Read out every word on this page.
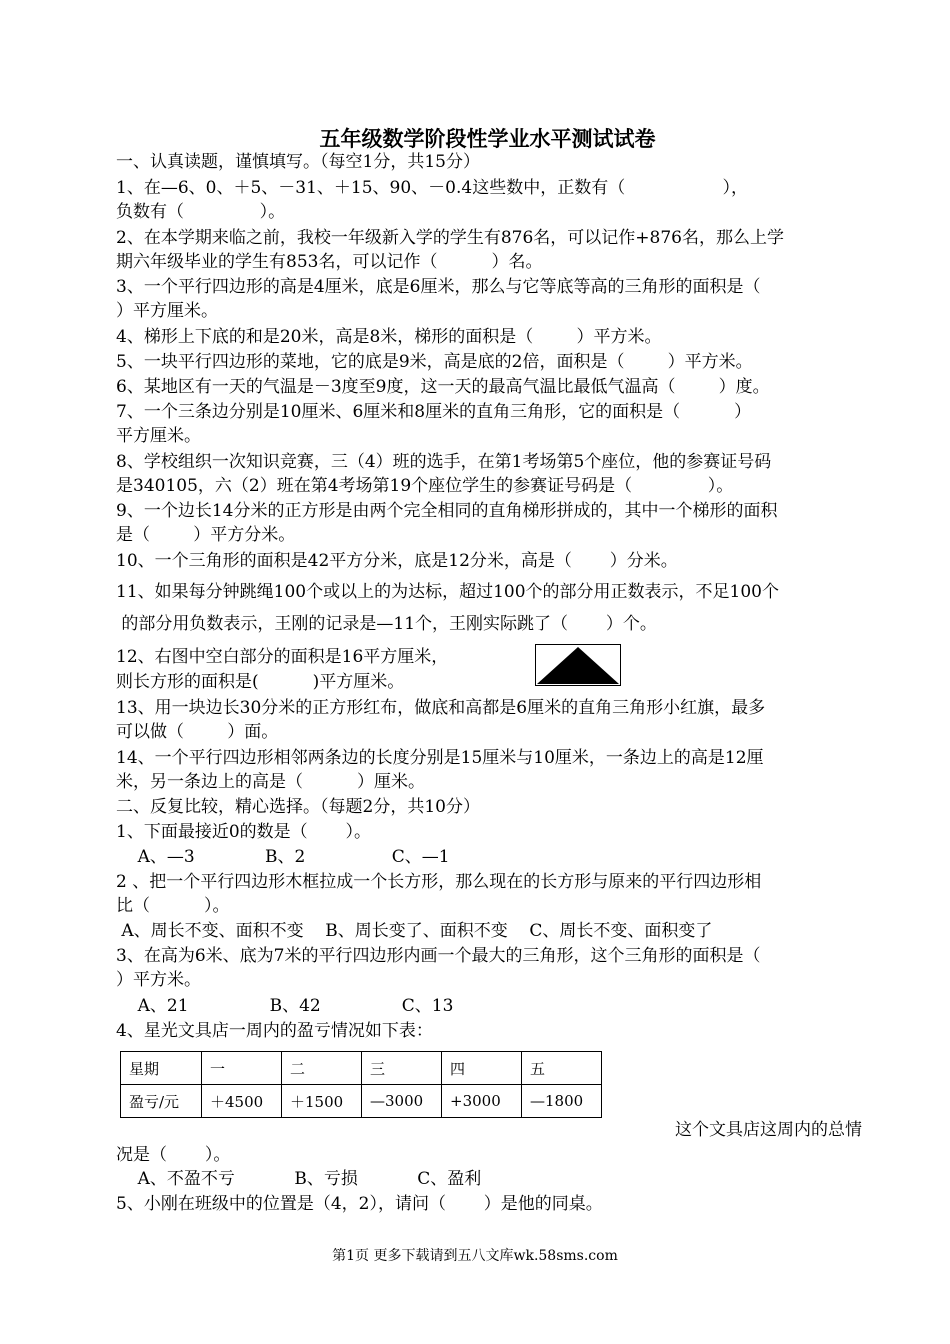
五年级数学阶段性学业水平测试试卷
一、认真读题，谨慎填写。（每空1分，共15分）
1、在—6、0、＋5、－31、＋15、90、－0.4这些数中，正数有（                  ），
负数有（              ）。
2、在本学期来临之前，我校一年级新入学的学生有876名，可以记作+876名，那么上学
期六年级毕业的学生有853名，可以记作（          ）名。
3、一个平行四边形的高是4厘米，底是6厘米，那么与它等底等高的三角形的面积是（
）平方厘米。
4、梯形上下底的和是20米，高是8米，梯形的面积是（        ）平方米。
5、一块平行四边形的菜地，它的底是9米，高是底的2倍，面积是（        ）平方米。
6、某地区有一天的气温是－3度至9度，这一天的最高气温比最低气温高（        ）度。
7、一个三条边分别是10厘米、6厘米和8厘米的直角三角形，它的面积是（          ）
平方厘米。
8、学校组织一次知识竞赛，三（4）班的选手，在第1考场第5个座位，他的参赛证号码
是340105，六（2）班在第4考场第19个座位学生的参赛证号码是（              ）。
9、一个边长14分米的正方形是由两个完全相同的直角梯形拼成的，其中一个梯形的面积
是（        ）平方分米。
10、一个三角形的面积是42平方分米，底是12分米，高是（       ）分米。
11、如果每分钟跳绳100个或以上的为达标，超过100个的部分用正数表示，不足100个
的部分用负数表示，王刚的记录是—11个，王刚实际跳了（       ）个。
12、右图中空白部分的面积是16平方厘米，
则长方形的面积是(          )平方厘米。
13、用一块边长30分米的正方形红布，做底和高都是6厘米的直角三角形小红旗，最多
可以做（        ）面。
14、一个平行四边形相邻两条边的长度分别是15厘米与10厘米，一条边上的高是12厘
米，另一条边上的高是（          ）厘米。
二、反复比较，精心选择。（每题2分，共10分）
1、下面最接近0的数是（       ）。
A、—3             B、2                C、—1
2 、把一个平行四边形木框拉成一个长方形，那么现在的长方形与原来的平行四边形相
比（          ）。
A、周长不变、面积不变    B、周长变了、面积不变    C、周长不变、面积变了
3、在高为6米、底为7米的平行四边形内画一个最大的三角形，这个三角形的面积是（
）平方米。
A、21               B、42               C、13
4、星光文具店一周内的盈亏情况如下表：
星期	一	二	三	四	五
盈亏/元	＋4500	＋1500	—3000	+3000	—1800
这个文具店这周内的总情
况是（       ）。
A、不盈不亏           B、亏损           C、盈利
5、小刚在班级中的位置是（4，2），请问（       ）是他的同桌。
第1页 更多下载请到五八文库wk.58sms.com
